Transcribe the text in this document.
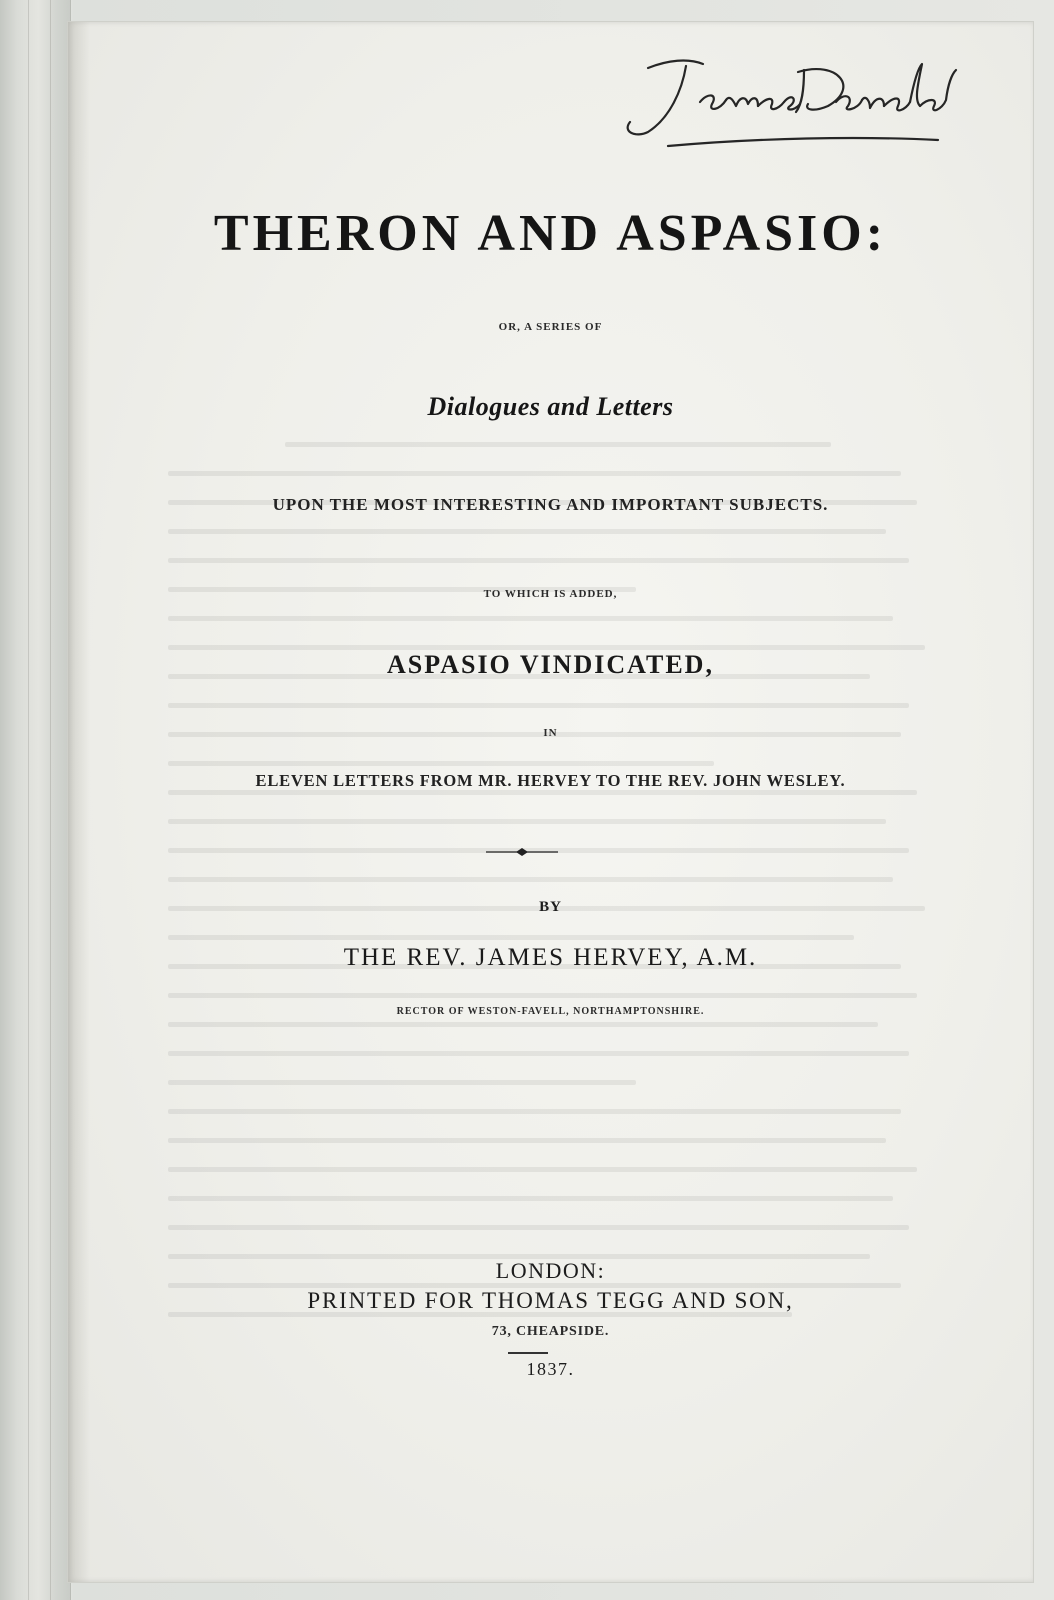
THERON AND ASPASIO:
OR, A SERIES OF
Dialogues and Letters
UPON THE MOST INTERESTING AND IMPORTANT SUBJECTS.
TO WHICH IS ADDED,
ASPASIO VINDICATED,
IN
ELEVEN LETTERS FROM MR. HERVEY TO THE REV. JOHN WESLEY.
BY
THE REV. JAMES HERVEY, A.M.
RECTOR OF WESTON-FAVELL, NORTHAMPTONSHIRE.
LONDON:
PRINTED FOR THOMAS TEGG AND SON,
73, CHEAPSIDE.
1837.
